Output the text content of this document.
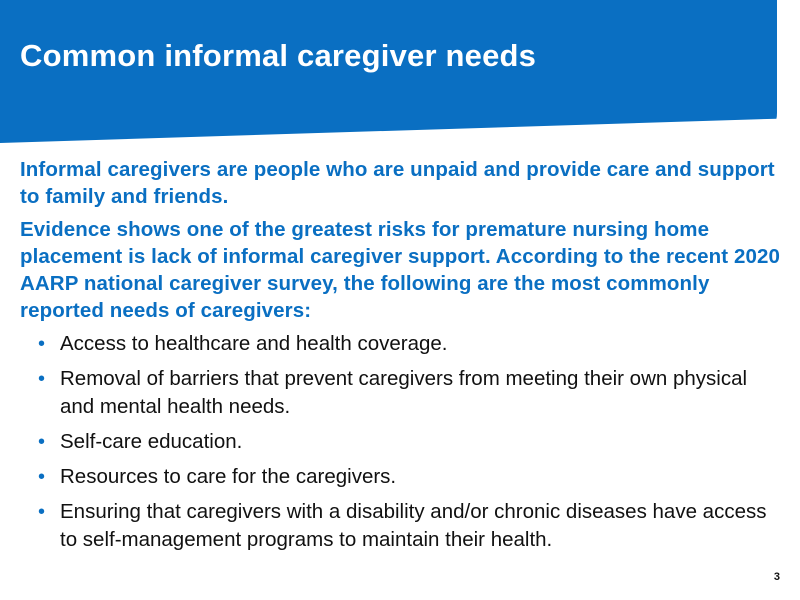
Common informal caregiver needs

Informal caregivers are people who are unpaid and provide care and support to family and friends.

Evidence shows one of the greatest risks for premature nursing home placement is lack of informal caregiver support. According to the recent 2020 AARP national caregiver survey, the following are the most commonly reported needs of caregivers:

• Access to healthcare and health coverage.
• Removal of barriers that prevent caregivers from meeting their own physical and mental health needs.
• Self-care education.
• Resources to care for the caregivers.
• Ensuring that caregivers with a disability and/or chronic diseases have access to self-management programs to maintain their health.
3
